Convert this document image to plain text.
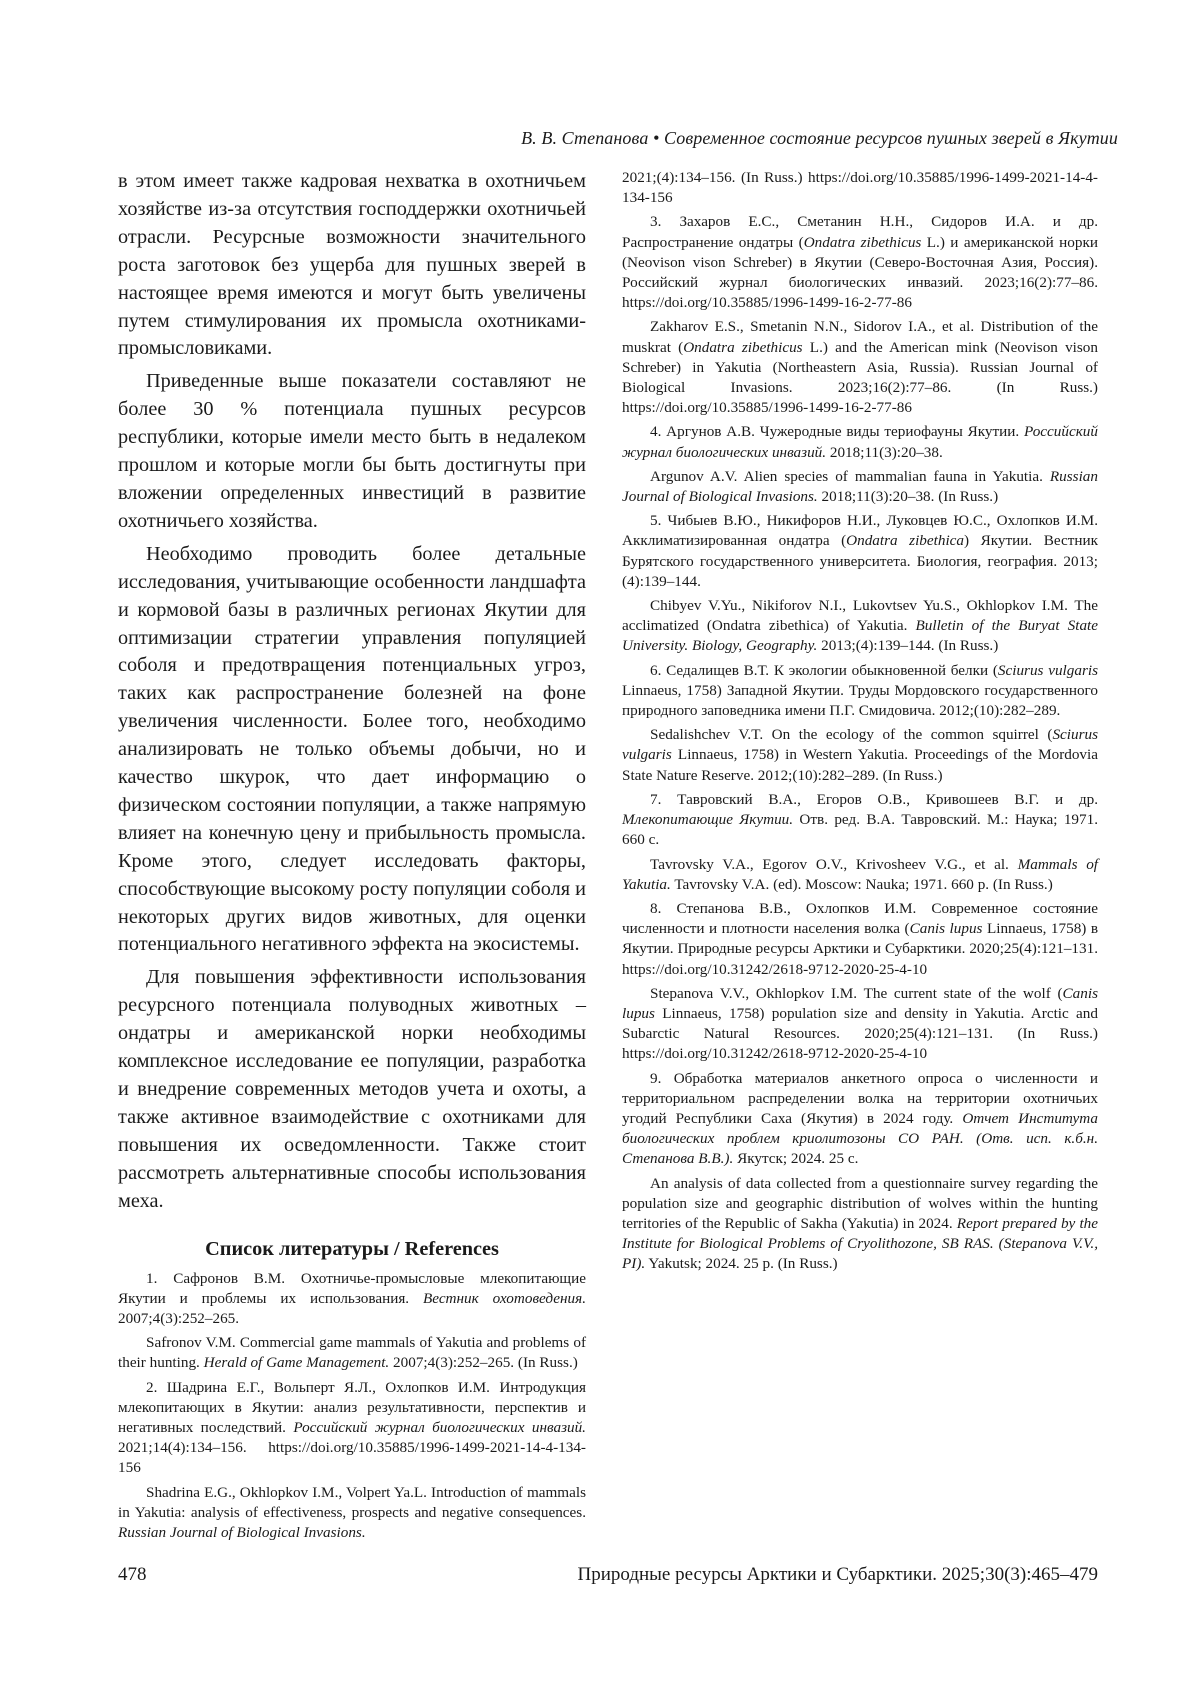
В. В. Степанова • Современное состояние ресурсов пушных зверей в Якутии

в этом имеет также кадровая нехватка в охотничьем хозяйстве из-за отсутствия господдержки охотничьей отрасли. Ресурсные возможности значительного роста заготовок без ущерба для пушных зверей в настоящее время имеются и могут быть увеличены путем стимулирования их промысла охотниками-промысловиками.

Приведенные выше показатели составляют не более 30 % потенциала пушных ресурсов республики, которые имели место быть в недалеком прошлом и которые могли бы быть достигнуты при вложении определенных инвестиций в развитие охотничьего хозяйства.

Необходимо проводить более детальные исследования, учитывающие особенности ландшафта и кормовой базы в различных регионах Якутии для оптимизации стратегии управления популяцией соболя и предотвращения потенциальных угроз, таких как распространение болезней на фоне увеличения численности. Более того, необходимо анализировать не только объемы добычи, но и качество шкурок, что дает информацию о физическом состоянии популяции, а также напрямую влияет на конечную цену и прибыльность промысла. Кроме этого, следует исследовать факторы, способствующие высокому росту популяции соболя и некоторых других видов животных, для оценки потенциального негативного эффекта на экосистемы.

Для повышения эффективности использования ресурсного потенциала полуводных животных – ондатры и американской норки необходимы комплексное исследование ее популяции, разработка и внедрение современных методов учета и охоты, а также активное взаимодействие с охотниками для повышения их осведомленности. Также стоит рассмотреть альтернативные способы использования меха.

Список литературы / References

1. Сафронов В.М. Охотничье-промысловые млекопитающие Якутии и проблемы их использования. Вестник охотоведения. 2007;4(3):252–265.

Safronov V.M. Commercial game mammals of Yakutia and problems of their hunting. Herald of Game Management. 2007;4(3):252–265. (In Russ.)

2. Шадрина Е.Г., Вольперт Я.Л., Охлопков И.М. Интродукция млекопитающих в Якутии: анализ результативности, перспектив и негативных последствий. Российский журнал биологических инвазий. 2021;14(4):134–156. https://doi.org/10.35885/1996-1499-2021-14-4-134-156

Shadrina E.G., Okhlopkov I.M., Volpert Ya.L. Introduction of mammals in Yakutia: analysis of effectiveness, prospects and negative consequences. Russian Journal of Biological Invasions.

2021;(4):134–156. (In Russ.) https://doi.org/10.35885/1996-1499-2021-14-4-134-156

3. Захаров Е.С., Сметанин Н.Н., Сидоров И.А. и др. Распространение ондатры (Ondatra zibethicus L.) и американской норки (Neovison vison Schreber) в Якутии (Северо-Восточная Азия, Россия). Российский журнал биологических инвазий. 2023;16(2):77–86. https://doi.org/10.35885/1996-1499-16-2-77-86

Zakharov E.S., Smetanin N.N., Sidorov I.A., et al. Distribution of the muskrat (Ondatra zibethicus L.) and the American mink (Neovison vison Schreber) in Yakutia (Northeastern Asia, Russia). Russian Journal of Biological Invasions. 2023;16(2):77–86. (In Russ.) https://doi.org/10.35885/1996-1499-16-2-77-86

4. Аргунов А.В. Чужеродные виды териофауны Якутии. Российский журнал биологических инвазий. 2018;11(3):20–38.

Argunov A.V. Alien species of mammalian fauna in Yakutia. Russian Journal of Biological Invasions. 2018;11(3):20–38. (In Russ.)

5. Чибыев В.Ю., Никифоров Н.И., Луковцев Ю.С., Охлопков И.М. Акклиматизированная ондатра (Ondatra zibethica) Якутии. Вестник Бурятского государственного университета. Биология, география. 2013;(4):139–144.

Chibyev V.Yu., Nikiforov N.I., Lukovtsev Yu.S., Okhlopkov I.M. The acclimatized (Ondatra zibethica) of Yakutia. Bulletin of the Buryat State University. Biology, Geography. 2013;(4):139–144. (In Russ.)

6. Седалищев В.Т. К экологии обыкновенной белки (Sciurus vulgaris Linnaeus, 1758) Западной Якутии. Труды Мордовского государственного природного заповедника имени П.Г. Смидовича. 2012;(10):282–289.

Sedalishchev V.T. On the ecology of the common squirrel (Sciurus vulgaris Linnaeus, 1758) in Western Yakutia. Proceedings of the Mordovia State Nature Reserve. 2012;(10):282–289. (In Russ.)

7. Тавровский В.А., Егоров О.В., Кривошеев В.Г. и др. Млекопитающие Якутии. Отв. ред. В.А. Тавровский. М.: Наука; 1971. 660 с.

Tavrovsky V.A., Egorov O.V., Krivosheev V.G., et al. Mammals of Yakutia. Tavrovsky V.A. (ed). Moscow: Nauka; 1971. 660 p. (In Russ.)

8. Степанова В.В., Охлопков И.М. Современное состояние численности и плотности населения волка (Canis lupus Linnaeus, 1758) в Якутии. Природные ресурсы Арктики и Субарктики. 2020;25(4):121–131. https://doi.org/10.31242/2618-9712-2020-25-4-10

Stepanova V.V., Okhlopkov I.M. The current state of the wolf (Canis lupus Linnaeus, 1758) population size and density in Yakutia. Arctic and Subarctic Natural Resources. 2020;25(4):121–131. (In Russ.) https://doi.org/10.31242/2618-9712-2020-25-4-10

9. Обработка материалов анкетного опроса о численности и территориальном распределении волка на территории охотничьих угодий Республики Саха (Якутия) в 2024 году. Отчет Института биологических проблем криолитозоны СО РАН. (Отв. исп. к.б.н. Степанова В.В.). Якутск; 2024. 25 с.

An analysis of data collected from a questionnaire survey regarding the population size and geographic distribution of wolves within the hunting territories of the Republic of Sakha (Yakutia) in 2024. Report prepared by the Institute for Biological Problems of Cryolithozone, SB RAS. (Stepanova V.V., PI). Yakutsk; 2024. 25 p. (In Russ.)

478	Природные ресурсы Арктики и Субарктики. 2025;30(3):465–479
